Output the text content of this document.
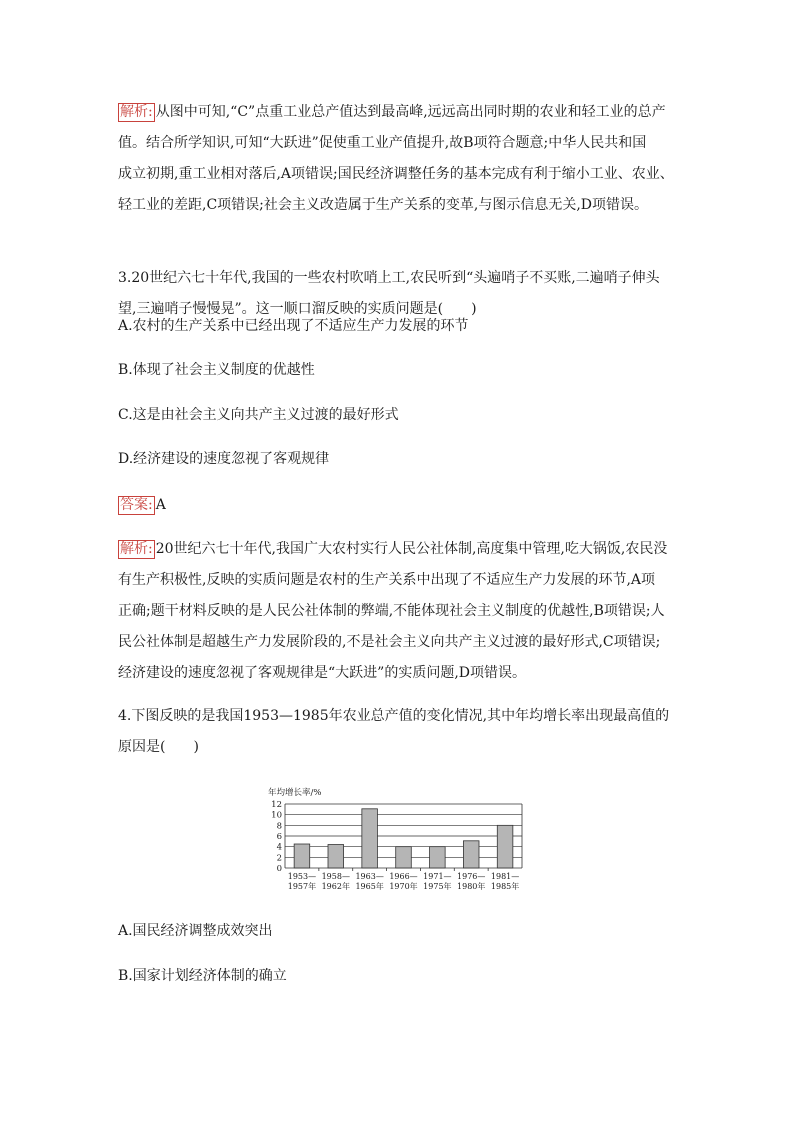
解析: 从图中可知,“C”点重工业总产值达到最高峰,远远高出同时期的农业和轻工业的总产

值。结合所学知识,可知“大跃进”促使重工业产值提升,故B项符合题意;中华人民共和国

成立初期,重工业相对落后,A项错误;国民经济调整任务的基本完成有利于缩小工业、农业、

轻工业的差距,C项错误;社会主义改造属于生产关系的变革,与图示信息无关,D项错误。

3.20世纪六七十年代,我国的一些农村吹哨上工,农民听到“头遍哨子不买账,二遍哨子伸头

望,三遍哨子慢慢晃”。这一顺口溜反映的实质问题是(　　)

A.农村的生产关系中已经出现了不适应生产力发展的环节

B.体现了社会主义制度的优越性

C.这是由社会主义向共产主义过渡的最好形式

D.经济建设的速度忽视了客观规律

答案: A

解析: 20世纪六七十年代,我国广大农村实行人民公社体制,高度集中管理,吃大锅饭,农民没

有生产积极性,反映的实质问题是农村的生产关系中出现了不适应生产力发展的环节,A项

正确;题干材料反映的是人民公社体制的弊端,不能体现社会主义制度的优越性,B项错误;人

民公社体制是超越生产力发展阶段的,不是社会主义向共产主义过渡的最好形式,C项错误;

经济建设的速度忽视了客观规律是“大跃进”的实质问题,D项错误。

4.下图反映的是我国1953—1985年农业总产值的变化情况,其中年均增长率出现最高值的

原因是(　　)

年均增长率/%
0
2
4
6
8
10
12
1953—
1957年
1958—
1962年
1963—
1965年
1966—
1970年
1971—
1975年
1976—
1980年
1981—
1985年

A.国民经济调整成效突出

B.国家计划经济体制的确立
